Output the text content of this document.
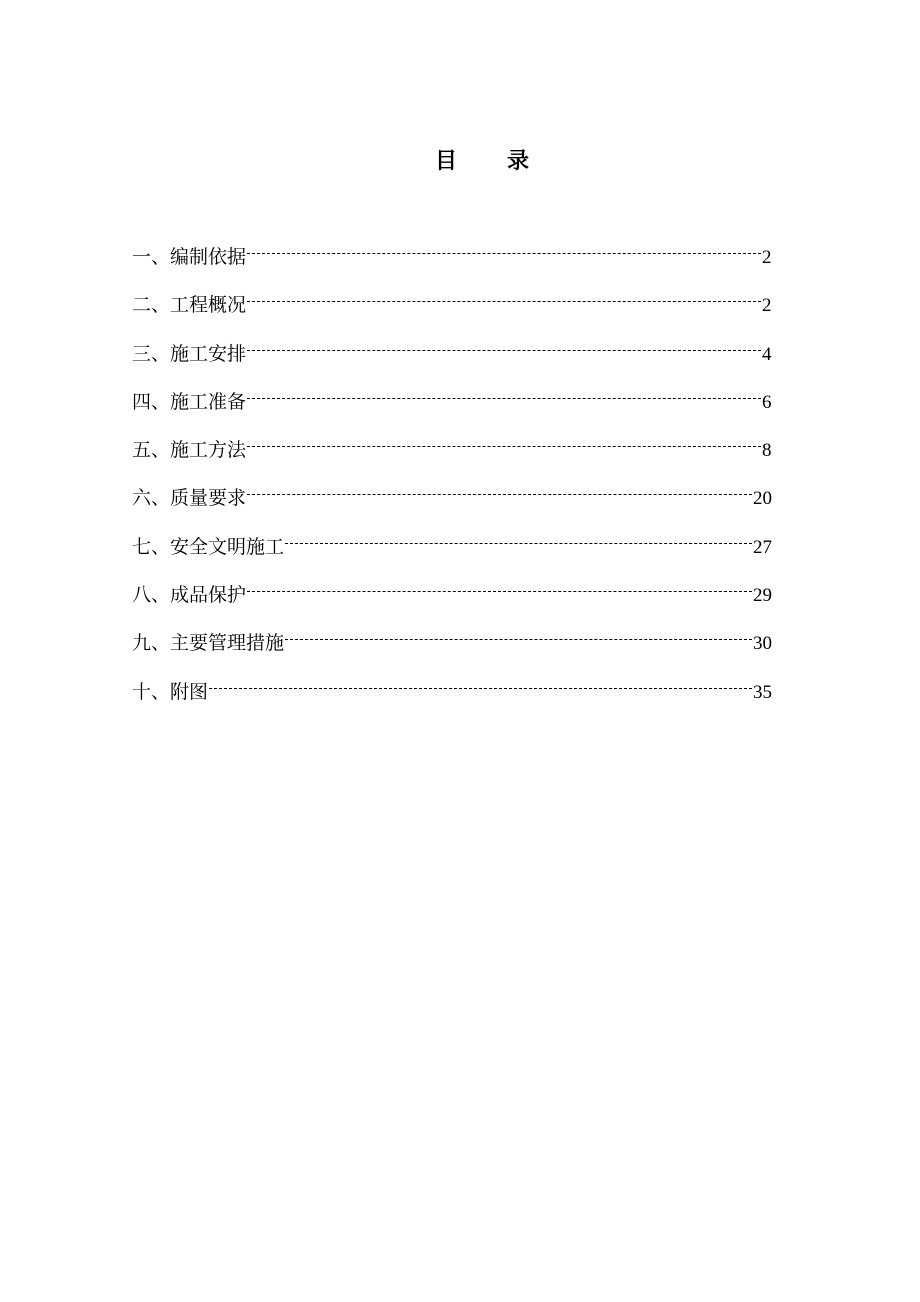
目 录
一、编制依据	2
二、工程概况	2
三、施工安排	4
四、施工准备	6
五、施工方法	8
六、质量要求	20
七、安全文明施工	27
八、成品保护	29
九、主要管理措施	30
十、附图	35
